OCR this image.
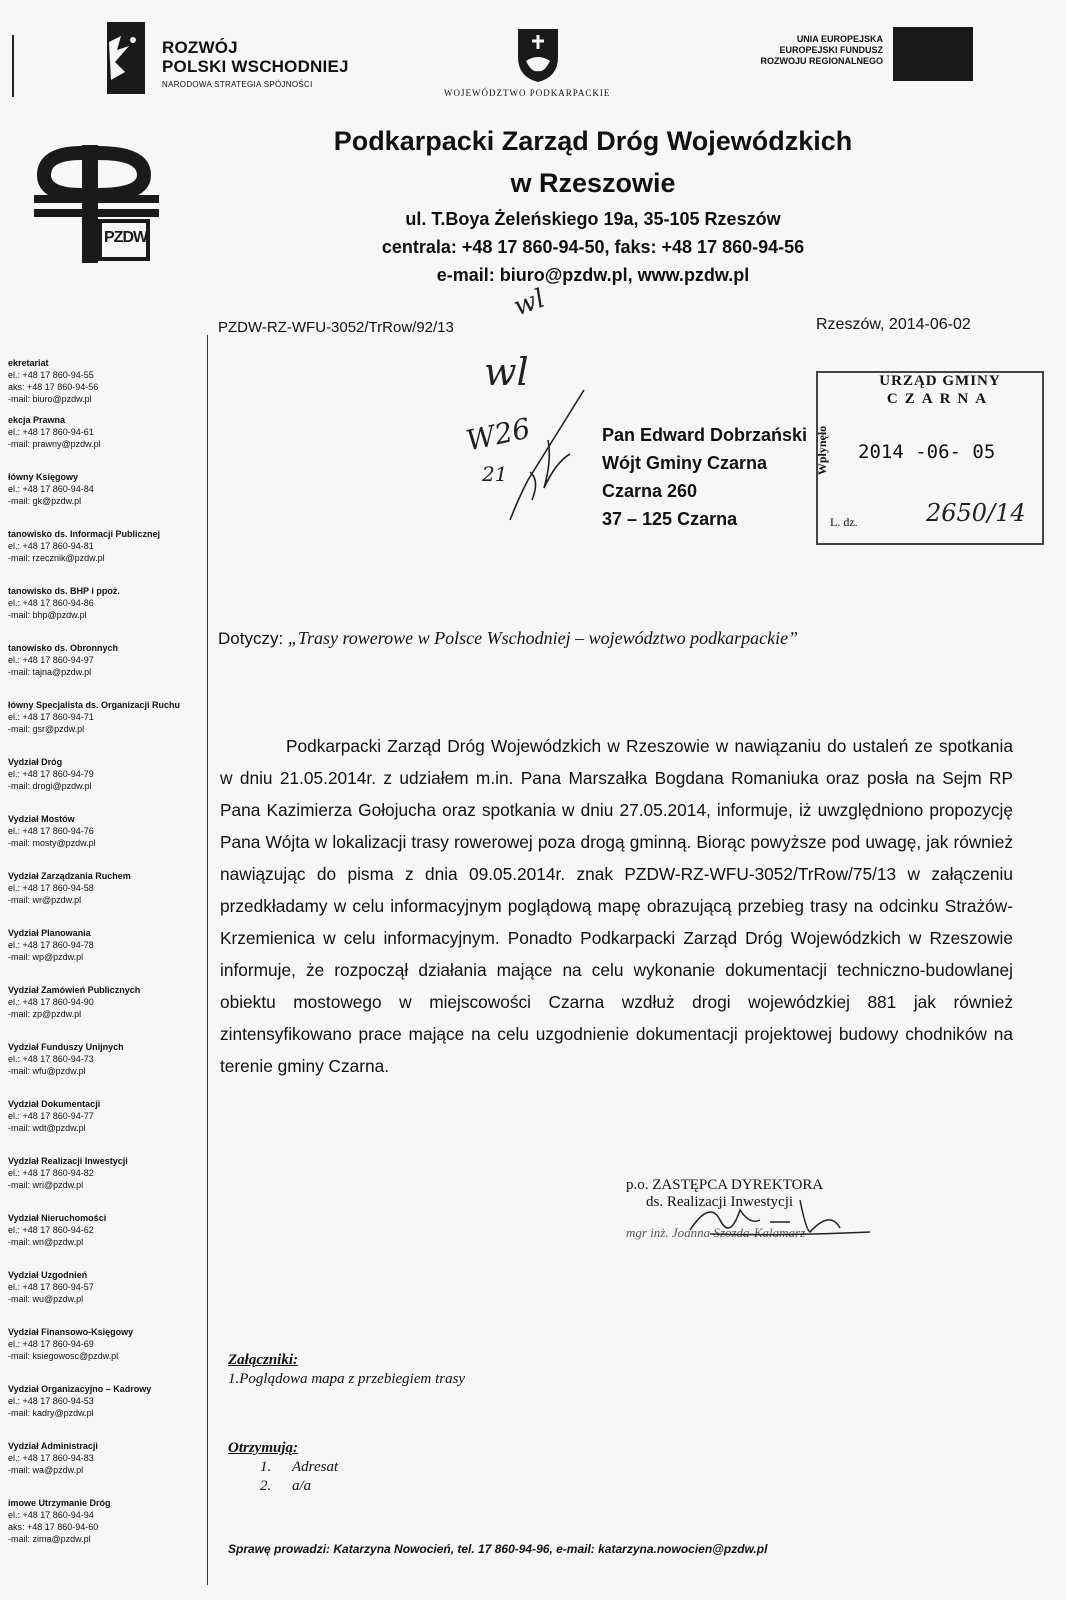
ROZWÓJ
POLSKI WSCHODNIEJ
NARODOWA STRATEGIA SPÓJNOŚCI
WOJEWÓDZTWO PODKARPACKIE
UNIA EUROPEJSKA
EUROPEJSKI FUNDUSZ
ROZWOJU REGIONALNEGO
PZDW
Podkarpacki Zarząd Dróg Wojewódzkich
w Rzeszowie
ul. T.Boya Żeleńskiego 19a, 35-105 Rzeszów
centrala: +48 17 860-94-50, faks: +48 17 860-94-56
e-mail: biuro@pzdw.pl, www.pzdw.pl
ekretariat
el.: +48 17 860-94-55
aks: +48 17 860-94-56
-mail: biuro@pzdw.pl
ekcja Prawna
el.: +48 17 860-94-61
-mail: prawny@pzdw.pl
łówny Księgowy
el.: +48 17 860-94-84
-mail: gk@pzdw.pl
tanowisko ds. Informacji Publicznej
el.: +48 17 860-94-81
-mail: rzecznik@pzdw.pl
tanowisko ds. BHP i ppoż.
el.: +48 17 860-94-86
-mail: bhp@pzdw.pl
tanowisko ds. Obronnych
el.: +48 17 860-94-97
-mail: tajna@pzdw.pl
łówny Specjalista ds. Organizacji Ruchu
el.: +48 17 860-94-71
-mail: gsr@pzdw.pl
Vydział Dróg
el.: +48 17 860-94-79
-mail: drogi@pzdw.pl
Vydział Mostów
el.: +48 17 860-94-76
-mail: mosty@pzdw.pl
Vydział Zarządzania Ruchem
el.: +48 17 860-94-58
-mail: wr@pzdw.pl
Vydział Planowania
el.: +48 17 860-94-78
-mail: wp@pzdw.pl
Vydział Zamówień Publicznych
el.: +48 17 860-94-90
-mail: zp@pzdw.pl
Vydział Funduszy Unijnych
el.: +48 17 860-94-73
-mail: wfu@pzdw.pl
Vydział Dokumentacji
el.: +48 17 860-94-77
-mail: wdt@pzdw.pl
Vydział Realizacji Inwestycji
el.: +48 17 860-94-82
-mail: wri@pzdw.pl
Vydział Nieruchomości
el.: +48 17 860-94-62
-mail: wn@pzdw.pl
Vydział Uzgodnień
el.: +48 17 860-94-57
-mail: wu@pzdw.pl
Vydział Finansowo-Księgowy
el.: +48 17 860-94-69
-mail: ksiegowosc@pzdw.pl
Vydział Organizacyjno – Kadrowy
el.: +48 17 860-94-53
-mail: kadry@pzdw.pl
Vydział Administracji
el.: +48 17 860-94-83
-mail: wa@pzdw.pl
imowe Utrzymanie Dróg
el.: +48 17 860-94-94
aks: +48 17 860-94-60
-mail: zima@pzdw.pl
PZDW-RZ-WFU-3052/TrRow/92/13	Rzeszów, 2014-06-02
wl
wl
W26
21
Pan Edward Dobrzański
Wójt Gminy Czarna
Czarna 260
37 – 125 Czarna
URZĄD GMINY
CZARNA
Wpłynęło 2014 -06- 05
L. dz.	2650/14
Dotyczy: „Trasy rowerowe w Polsce Wschodniej – województwo podkarpackie”
Podkarpacki Zarząd Dróg Wojewódzkich w Rzeszowie w nawiązaniu do ustaleń ze spotkania w dniu 21.05.2014r. z udziałem m.in. Pana Marszałka Bogdana Romaniuka oraz posła na Sejm RP Pana Kazimierza Gołojucha oraz spotkania w dniu 27.05.2014, informuje, iż uwzględniono propozycję Pana Wójta w lokalizacji trasy rowerowej poza drogą gminną. Biorąc powyższe pod uwagę, jak również nawiązując do pisma z dnia 09.05.2014r. znak PZDW-RZ-WFU-3052/TrRow/75/13 w załączeniu przedkładamy w celu informacyjnym poglądową mapę obrazującą przebieg trasy na odcinku Strażów-Krzemienica w celu informacyjnym. Ponadto Podkarpacki Zarząd Dróg Wojewódzkich w Rzeszowie informuje, że rozpoczął działania mające na celu wykonanie dokumentacji techniczno-budowlanej obiektu mostowego w miejscowości Czarna wzdłuż drogi wojewódzkiej 881 jak również zintensyfikowano prace mające na celu uzgodnienie dokumentacji projektowej budowy chodników na terenie gminy Czarna.
p.o. ZASTĘPCA DYREKTORA
ds. Realizacji Inwestycji
mgr inż. Joanna Szozda-Kalamarz
Załączniki:
1.Poglądowa mapa z przebiegiem trasy
Otrzymują:
1. Adresat
2. a/a
Sprawę prowadzi: Katarzyna Nowocień, tel. 17 860-94-96, e-mail: katarzyna.nowocien@pzdw.pl
